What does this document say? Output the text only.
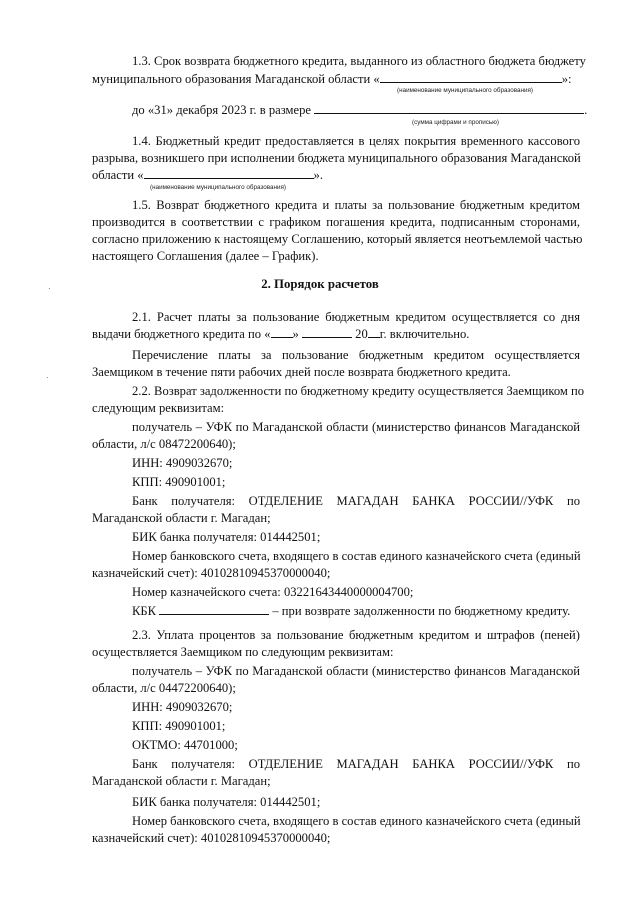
1.3. Срок возврата бюджетного кредита, выданного из областного бюджета бюджету
муниципального образования Магаданской области «	»:
(наименование муниципального образования)
до «31» декабря 2023 г. в размере	.
(сумма цифрами и прописью)
1.4. Бюджетный кредит предоставляется в целях покрытия временного кассового
разрыва, возникшего при исполнении бюджета муниципального образования Магаданской
области «	».
(наименование муниципального образования)
1.5. Возврат бюджетного кредита и платы за пользование бюджетным кредитом
производится в соответствии с графиком погашения кредита, подписанным сторонами,
согласно приложению к настоящему Соглашению, который является неотъемлемой частью
настоящего Соглашения (далее – График).
2. Порядок расчетов
2.1. Расчет платы за пользование бюджетным кредитом осуществляется со дня
выдачи бюджетного кредита по « »	20 г. включительно.
Перечисление платы за пользование бюджетным кредитом осуществляется
Заемщиком в течение пяти рабочих дней после возврата бюджетного кредита.
2.2. Возврат задолженности по бюджетному кредиту осуществляется Заемщиком по
следующим реквизитам:
получатель – УФК по Магаданской области (министерство финансов Магаданской
области, л/с 08472200640);
ИНН: 4909032670;
КПП: 490901001;
Банк получателя: ОТДЕЛЕНИЕ МАГАДАН БАНКА РОССИИ//УФК по
Магаданской области г. Магадан;
БИК банка получателя: 014442501;
Номер банковского счета, входящего в состав единого казначейского счета (единый
казначейский счет): 40102810945370000040;
Номер казначейского счета: 03221643440000004700;
КБК	– при возврате задолженности по бюджетному кредиту.
2.3. Уплата процентов за пользование бюджетным кредитом и штрафов (пеней)
осуществляется Заемщиком по следующим реквизитам:
получатель – УФК по Магаданской области (министерство финансов Магаданской
области, л/с 04472200640);
ИНН: 4909032670;
КПП: 490901001;
ОКТМО: 44701000;
Банк получателя: ОТДЕЛЕНИЕ МАГАДАН БАНКА РОССИИ//УФК по
Магаданской области г. Магадан;
БИК банка получателя: 014442501;
Номер банковского счета, входящего в состав единого казначейского счета (единый
казначейский счет): 40102810945370000040;
·
·
